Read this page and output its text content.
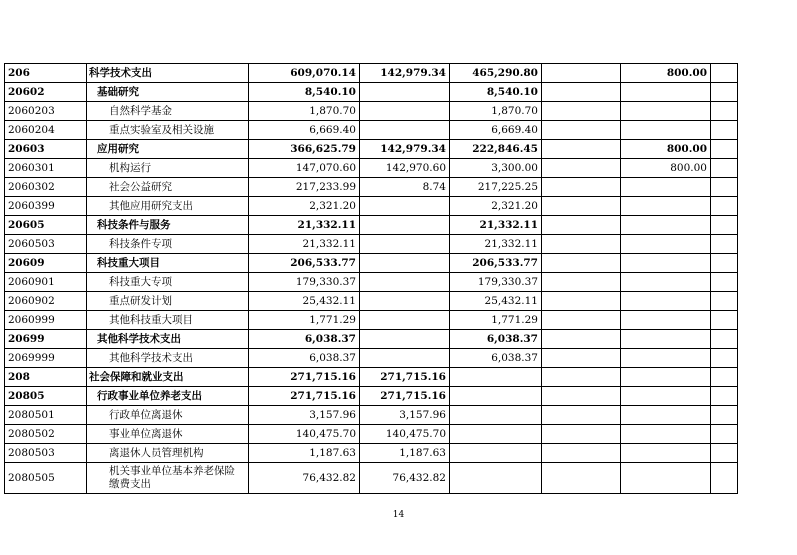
206	科学技术支出	609,070.14	142,979.34	465,290.80		800.00	
20602	基础研究	8,540.10		8,540.10			
2060203	自然科学基金	1,870.70		1,870.70			
2060204	重点实验室及相关设施	6,669.40		6,669.40			
20603	应用研究	366,625.79	142,979.34	222,846.45		800.00	
2060301	机构运行	147,070.60	142,970.60	3,300.00		800.00	
2060302	社会公益研究	217,233.99	8.74	217,225.25			
2060399	其他应用研究支出	2,321.20		2,321.20			
20605	科技条件与服务	21,332.11		21,332.11			
2060503	科技条件专项	21,332.11		21,332.11			
20609	科技重大项目	206,533.77		206,533.77			
2060901	科技重大专项	179,330.37		179,330.37			
2060902	重点研发计划	25,432.11		25,432.11			
2060999	其他科技重大项目	1,771.29		1,771.29			
20699	其他科学技术支出	6,038.37		6,038.37			
2069999	其他科学技术支出	6,038.37		6,038.37			
208	社会保障和就业支出	271,715.16	271,715.16				
20805	行政事业单位养老支出	271,715.16	271,715.16				
2080501	行政单位离退休	3,157.96	3,157.96				
2080502	事业单位离退休	140,475.70	140,475.70				
2080503	离退休人员管理机构	1,187.63	1,187.63				
2080505	机关事业单位基本养老保险缴费支出	76,432.82	76,432.82				
14
